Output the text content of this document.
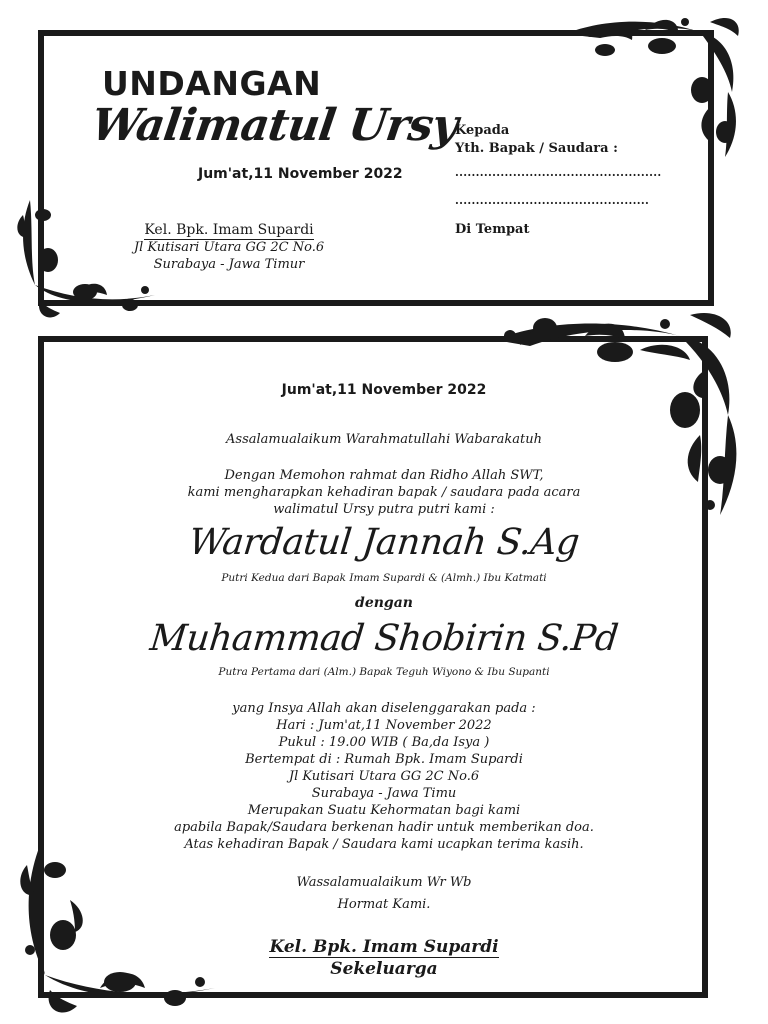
UNDANGAN
Walimatul Ursy
Jum'at,11 November 2022
Kel. Bpk. Imam Supardi
Jl Kutisari Utara GG 2C No.6
Surabaya - Jawa Timur
Kepada
Yth. Bapak / Saudara :
..................................................
...............................................
Di Tempat
Jum'at,11 November 2022
Assalamualaikum Warahmatullahi Wabarakatuh
Dengan Memohon rahmat dan Ridho Allah SWT,
kami mengharapkan kehadiran bapak / saudara pada acara
walimatul Ursy putra putri kami :
Wardatul Jannah S.Ag
Putri Kedua dari Bapak Imam Supardi & (Almh.) Ibu Katmati
dengan
Muhammad Shobirin S.Pd
Putra Pertama dari (Alm.) Bapak Teguh Wiyono & Ibu Supanti
yang Insya Allah akan diselenggarakan pada :
Hari : Jum'at,11 November 2022
Pukul : 19.00 WIB ( Ba,da Isya )
Bertempat di : Rumah Bpk. Imam Supardi
Jl Kutisari Utara GG 2C No.6
Surabaya - Jawa Timu
Merupakan Suatu Kehormatan bagi kami
apabila Bapak/Saudara berkenan hadir untuk memberikan doa.
Atas kehadiran Bapak / Saudara kami ucapkan terima kasih.
Wassalamualaikum Wr Wb
Hormat Kami.
Kel. Bpk. Imam Supardi
Sekeluarga
